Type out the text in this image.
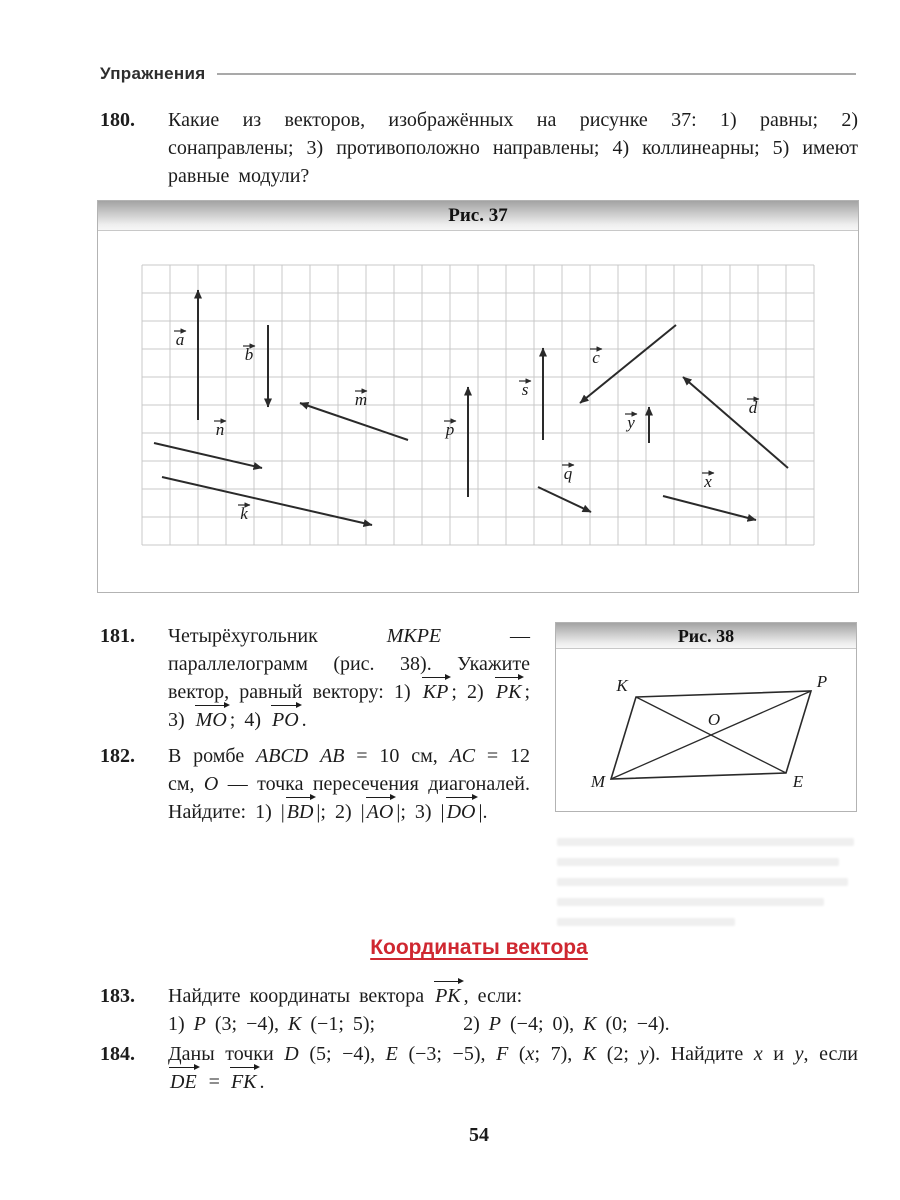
Упражнения
180.	Какие из векторов, изображённых на рисунке 37: 1) равны; 2) сонаправлены; 3) противоположно направлены; 4) коллинеарны; 5) имеют равные модули?
Рис. 37
a
b
m
n
k
p
s
c
y
d
q	x
181.	Четырёхугольник MKPE — параллелограмм (рис. 38). Укажите вектор, равный вектору: 1) KP ; 2) PK ; 3) MO ; 4) PO .
182.	В ромбе ABCD AB = 10 см, AC = 12 см, O — точка пересечения диагоналей. Найдите: 1) | BD |; 2) | AO |; 3) | DO |.
Рис. 38
K	P
M	E
O
Координаты вектора
183.	Найдите координаты вектора PK , если:
1) P (3; −4), K (−1; 5);	2) P (−4; 0), K (0; −4).
184.	Даны точки D (5; −4), E (−3; −5), F (x; 7), K (2; y). Найдите x и y, если DE = FK .
54
